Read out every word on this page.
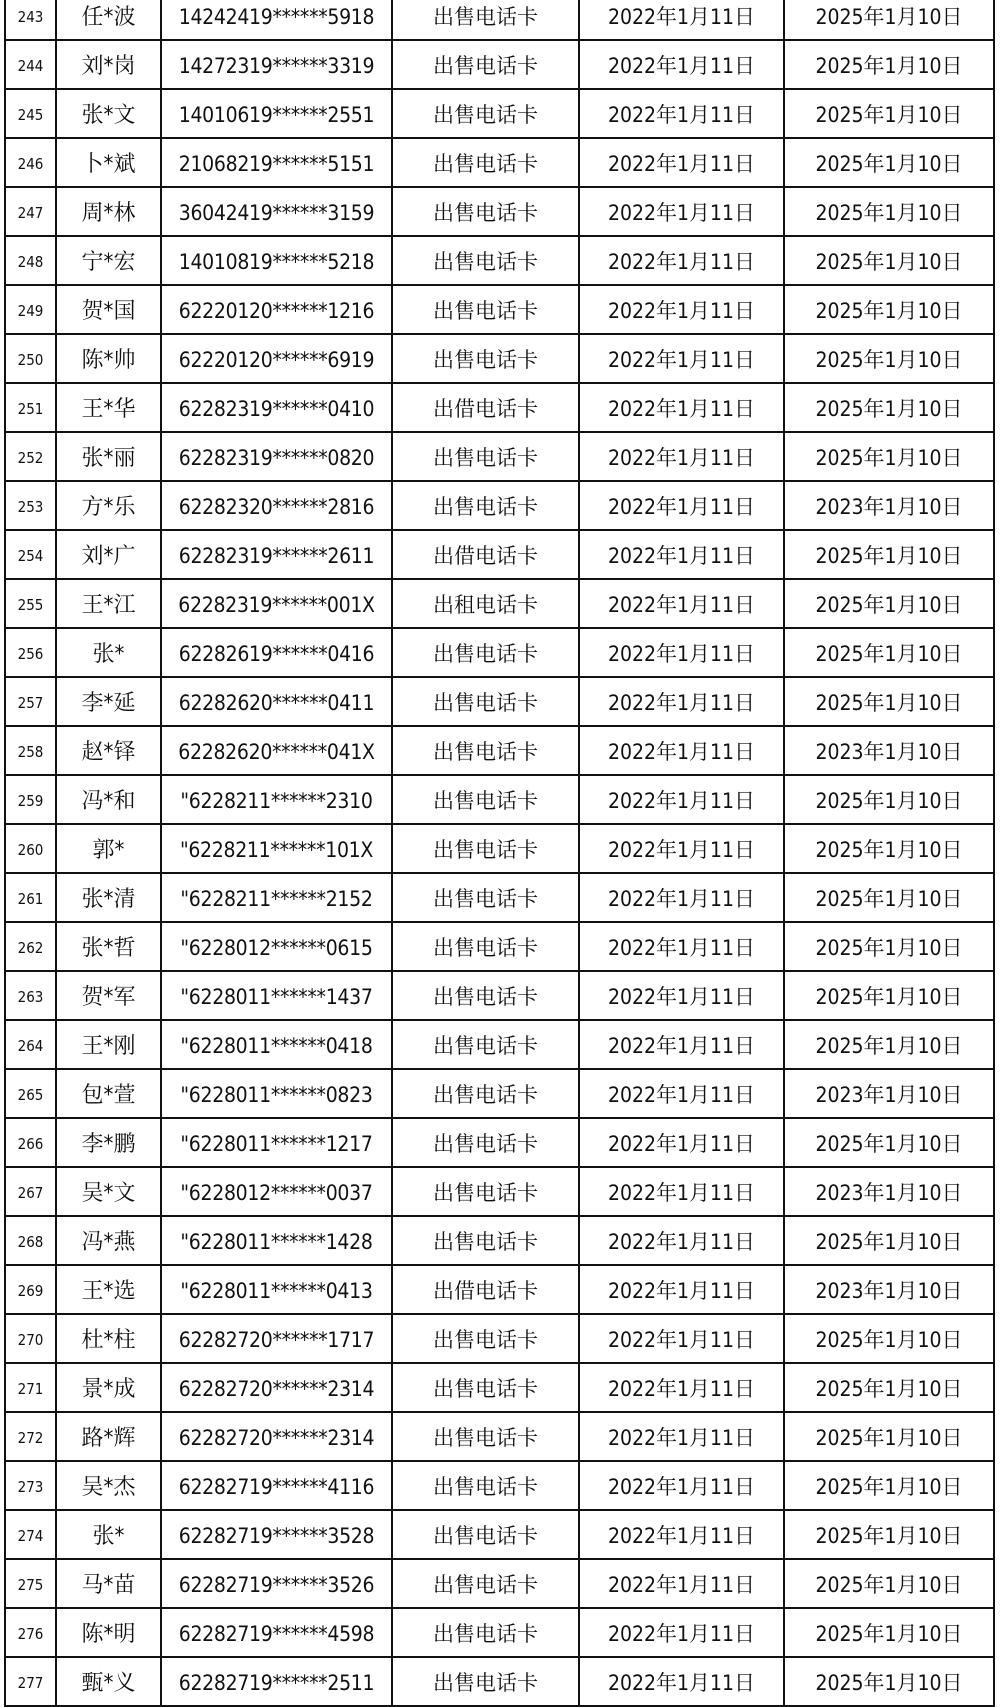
243	任*波	14242419******5918	出售电话卡	2022年1月11日	2025年1月10日
244	刘*岗	14272319******3319	出售电话卡	2022年1月11日	2025年1月10日
245	张*文	14010619******2551	出售电话卡	2022年1月11日	2025年1月10日
246	卜*斌	21068219******5151	出售电话卡	2022年1月11日	2025年1月10日
247	周*林	36042419******3159	出售电话卡	2022年1月11日	2025年1月10日
248	宁*宏	14010819******5218	出售电话卡	2022年1月11日	2025年1月10日
249	贺*国	62220120******1216	出售电话卡	2022年1月11日	2025年1月10日
250	陈*帅	62220120******6919	出售电话卡	2022年1月11日	2025年1月10日
251	王*华	62282319******0410	出借电话卡	2022年1月11日	2025年1月10日
252	张*丽	62282319******0820	出售电话卡	2022年1月11日	2025年1月10日
253	方*乐	62282320******2816	出售电话卡	2022年1月11日	2023年1月10日
254	刘*广	62282319******2611	出借电话卡	2022年1月11日	2025年1月10日
255	王*江	62282319******001X	出租电话卡	2022年1月11日	2025年1月10日
256	张*	62282619******0416	出售电话卡	2022年1月11日	2025年1月10日
257	李*延	62282620******0411	出售电话卡	2022年1月11日	2025年1月10日
258	赵*铎	62282620******041X	出售电话卡	2022年1月11日	2023年1月10日
259	冯*和	"6228211******2310	出售电话卡	2022年1月11日	2025年1月10日
260	郭*	"6228211******101X	出售电话卡	2022年1月11日	2025年1月10日
261	张*清	"6228211******2152	出售电话卡	2022年1月11日	2025年1月10日
262	张*哲	"6228012******0615	出售电话卡	2022年1月11日	2025年1月10日
263	贺*军	"6228011******1437	出售电话卡	2022年1月11日	2025年1月10日
264	王*刚	"6228011******0418	出售电话卡	2022年1月11日	2025年1月10日
265	包*萱	"6228011******0823	出售电话卡	2022年1月11日	2023年1月10日
266	李*鹏	"6228011******1217	出售电话卡	2022年1月11日	2025年1月10日
267	吴*文	"6228012******0037	出售电话卡	2022年1月11日	2023年1月10日
268	冯*燕	"6228011******1428	出售电话卡	2022年1月11日	2025年1月10日
269	王*选	"6228011******0413	出借电话卡	2022年1月11日	2023年1月10日
270	杜*柱	62282720******1717	出售电话卡	2022年1月11日	2025年1月10日
271	景*成	62282720******2314	出售电话卡	2022年1月11日	2025年1月10日
272	路*辉	62282720******2314	出售电话卡	2022年1月11日	2025年1月10日
273	吴*杰	62282719******4116	出售电话卡	2022年1月11日	2025年1月10日
274	张*	62282719******3528	出售电话卡	2022年1月11日	2025年1月10日
275	马*苗	62282719******3526	出售电话卡	2022年1月11日	2025年1月10日
276	陈*明	62282719******4598	出售电话卡	2022年1月11日	2025年1月10日
277	甄*义	62282719******2511	出售电话卡	2022年1月11日	2025年1月10日
